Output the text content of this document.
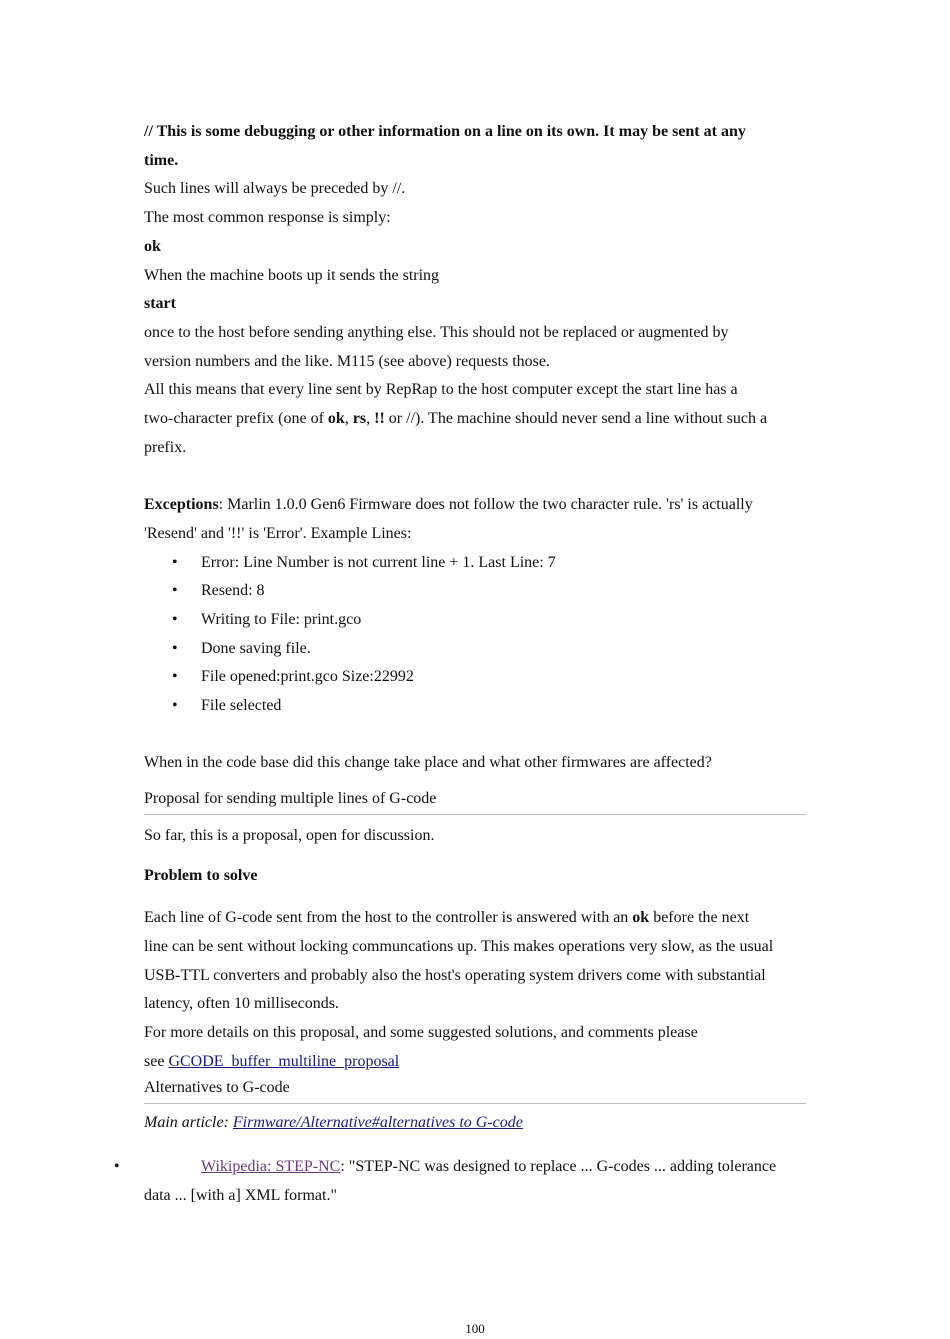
// This is some debugging or other information on a line on its own. It may be sent at any

time.

Such lines will always be preceded by //.

The most common response is simply:

ok

When the machine boots up it sends the string

start

once to the host before sending anything else. This should not be replaced or augmented by

version numbers and the like. M115 (see above) requests those.

All this means that every line sent by RepRap to the host computer except the start line has a

two-character prefix (one of ok, rs, !! or //). The machine should never send a line without such a

prefix.

Exceptions: Marlin 1.0.0 Gen6 Firmware does not follow the two character rule. 'rs' is actually

'Resend' and '!!' is 'Error'. Example Lines:

• Error: Line Number is not current line + 1. Last Line: 7
• Resend: 8
• Writing to File: print.gco
• Done saving file.
• File opened:print.gco Size:22992
• File selected

When in the code base did this change take place and what other firmwares are affected?

Proposal for sending multiple lines of G-code

So far, this is a proposal, open for discussion.

Problem to solve

Each line of G-code sent from the host to the controller is answered with an ok before the next

line can be sent without locking communcations up. This makes operations very slow, as the usual

USB-TTL converters and probably also the host's operating system drivers come with substantial

latency, often 10 milliseconds.

For more details on this proposal, and some suggested solutions, and comments please

see GCODE_buffer_multiline_proposal

Alternatives to G-code

Main article: Firmware/Alternative#alternatives to G-code

•	Wikipedia: STEP-NC: "STEP-NC was designed to replace ... G-codes ... adding tolerance

data ... [with a] XML format."

100
